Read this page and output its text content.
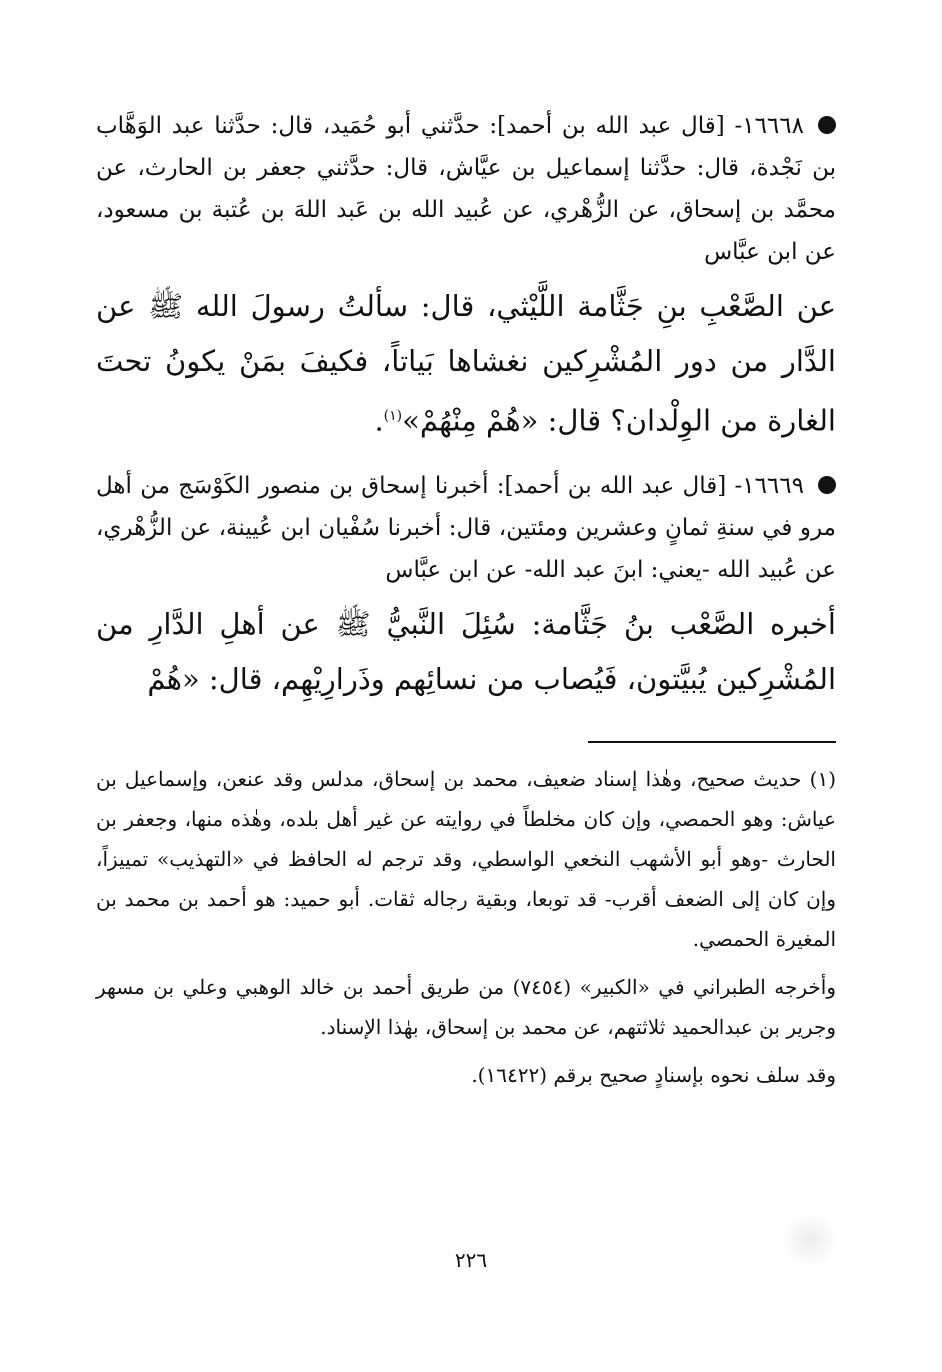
١٦٦٦٨- [قال عبد الله بن أحمد]: حدَّثني أبو حُمَيد، قال: حدَّثنا عبد الوَهَّاب بن نَجْدة، قال: حدَّثنا إسماعيل بن عيَّاش، قال: حدَّثني جعفر بن الحارث، عن محمَّد بن إسحاق، عن الزُّهْري، عن عُبيد الله بن عَبد اللهَ بن عُتبة بن مسعود، عن ابن عبَّاس

عن الصَّعْبِ بنِ جَثَّامة اللَّيْثي، قال: سألتُ رسولَ الله ﷺ عن الدَّار من دور المُشْرِكين نغشاها بَياتاً، فكيفَ بمَنْ يكونُ تحتَ الغارة من الوِلْدان؟ قال: «هُمْ مِنْهُمْ»$^{(١)}$.

١٦٦٦٩- [قال عبد الله بن أحمد]: أخبرنا إسحاق بن منصور الكَوْسَج من أهل مرو في سنةِ ثمانٍ وعشرين ومئتين، قال: أخبرنا سُفْيان ابن عُيينة، عن الزُّهْري، عن عُبيد الله -يعني: ابنَ عبد الله- عن ابن عبَّاس

أخبره الصَّعْب بنُ جَثَّامة: سُئِلَ النَّبيُّ ﷺ عن أهلِ الدَّارِ من المُشْرِكين يُبيَّتون، فَيُصاب من نسائِهم وذَرارِيْهِم، قال: «هُمْ

(١) حديث صحيح، وهٰذا إسناد ضعيف، محمد بن إسحاق، مدلس وقد عنعن، وإسماعيل بن عياش: وهو الحمصي، وإن كان مخلطاً في روايته عن غير أهل بلده، وهٰذه منها، وجعفر بن الحارث -وهو أبو الأشهب النخعي الواسطي، وقد ترجم له الحافظ في «التهذيب» تمييزاً، وإن كان إلى الضعف أقرب- قد توبعا، وبقية رجاله ثقات. أبو حميد: هو أحمد بن محمد بن المغيرة الحمصي.

وأخرجه الطبراني في «الكبير» (٧٤٥٤) من طريق أحمد بن خالد الوهبي وعلي بن مسهر وجرير بن عبدالحميد ثلاثتهم، عن محمد بن إسحاق، بهٰذا الإسناد.

وقد سلف نحوه بإسنادٍ صحيح برقم (١٦٤٢٢).

٢٢٦
